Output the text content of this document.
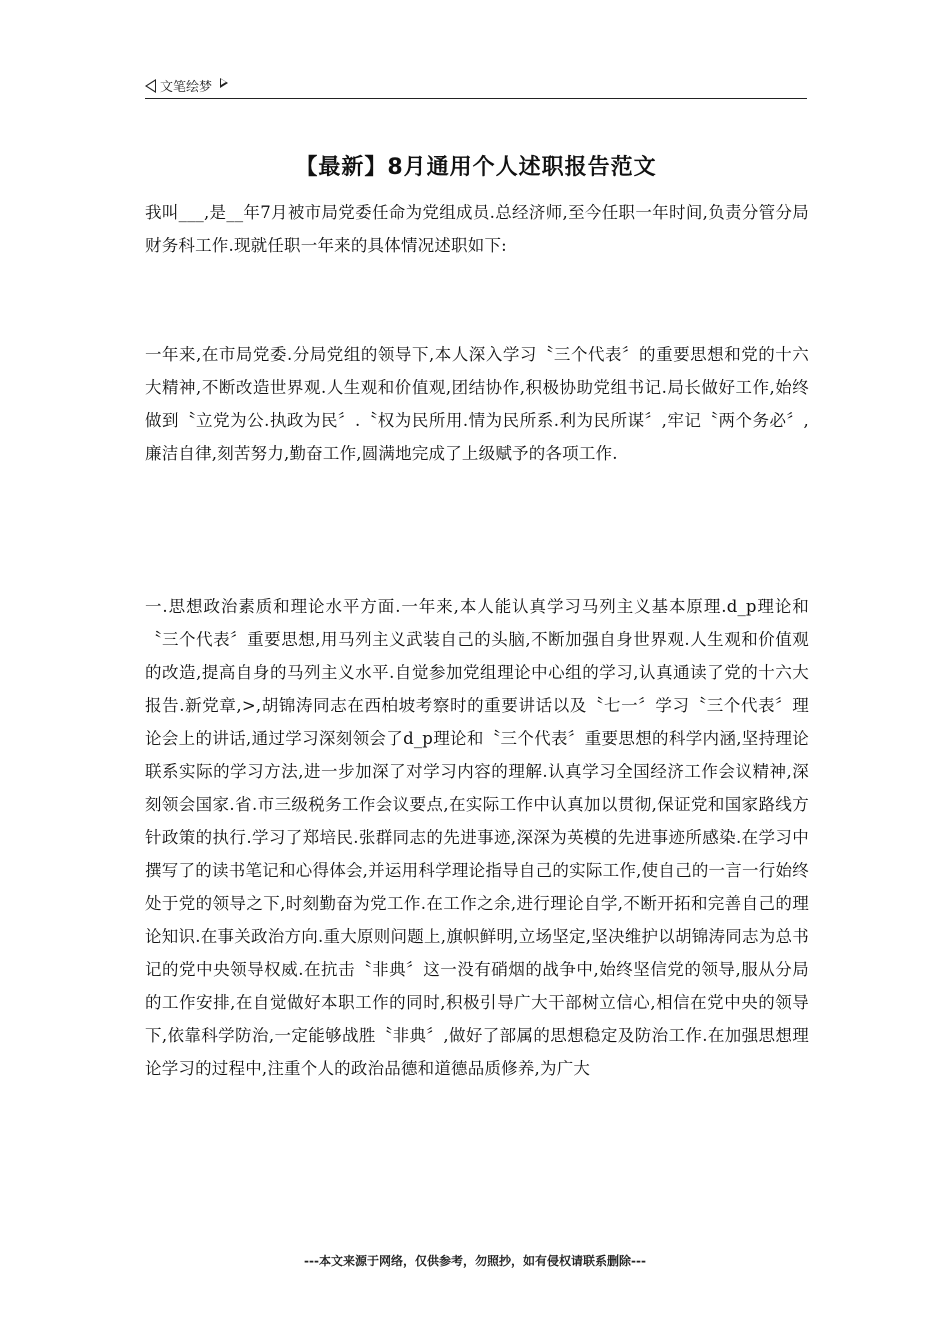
文笔绘梦
【最新】8月通用个人述职报告范文

我叫___,是__年7月被市局党委任命为党组成员.总经济师,至今任职一年时间,负责分管分局财务科工作.现就任职一年来的具体情况述职如下:

一年来,在市局党委.分局党组的领导下,本人深入学习〝三个代表〞的重要思想和党的十六大精神,不断改造世界观.人生观和价值观,团结协作,积极协助党组书记.局长做好工作,始终做到〝立党为公.执政为民〞.〝权为民所用.情为民所系.利为民所谋〞,牢记〝两个务必〞,廉洁自律,刻苦努力,勤奋工作,圆满地完成了上级赋予的各项工作.

一.思想政治素质和理论水平方面.一年来,本人能认真学习马列主义基本原理.d_p理论和〝三个代表〞重要思想,用马列主义武装自己的头脑,不断加强自身世界观.人生观和价值观的改造,提高自身的马列主义水平.自觉参加党组理论中心组的学习,认真通读了党的十六大报告.新党章,>,胡锦涛同志在西柏坡考察时的重要讲话以及〝七一〞学习〝三个代表〞理论会上的讲话,通过学习深刻领会了d_p理论和〝三个代表〞重要思想的科学内涵,坚持理论联系实际的学习方法,进一步加深了对学习内容的理解.认真学习全国经济工作会议精神,深刻领会国家.省.市三级税务工作会议要点,在实际工作中认真加以贯彻,保证党和国家路线方针政策的执行.学习了郑培民.张群同志的先进事迹,深深为英模的先进事迹所感染.在学习中撰写了的读书笔记和心得体会,并运用科学理论指导自己的实际工作,使自己的一言一行始终处于党的领导之下,时刻勤奋为党工作.在工作之余,进行理论自学,不断开拓和完善自己的理论知识.在事关政治方向.重大原则问题上,旗帜鲜明,立场坚定,坚决维护以胡锦涛同志为总书记的党中央领导权威.在抗击〝非典〞这一没有硝烟的战争中,始终坚信党的领导,服从分局的工作安排,在自觉做好本职工作的同时,积极引导广大干部树立信心,相信在党中央的领导下,依靠科学防治,一定能够战胜〝非典〞,做好了部属的思想稳定及防治工作.在加强思想理论学习的过程中,注重个人的政治品德和道德品质修养,为广大

---本文来源于网络，仅供参考，勿照抄，如有侵权请联系删除---
